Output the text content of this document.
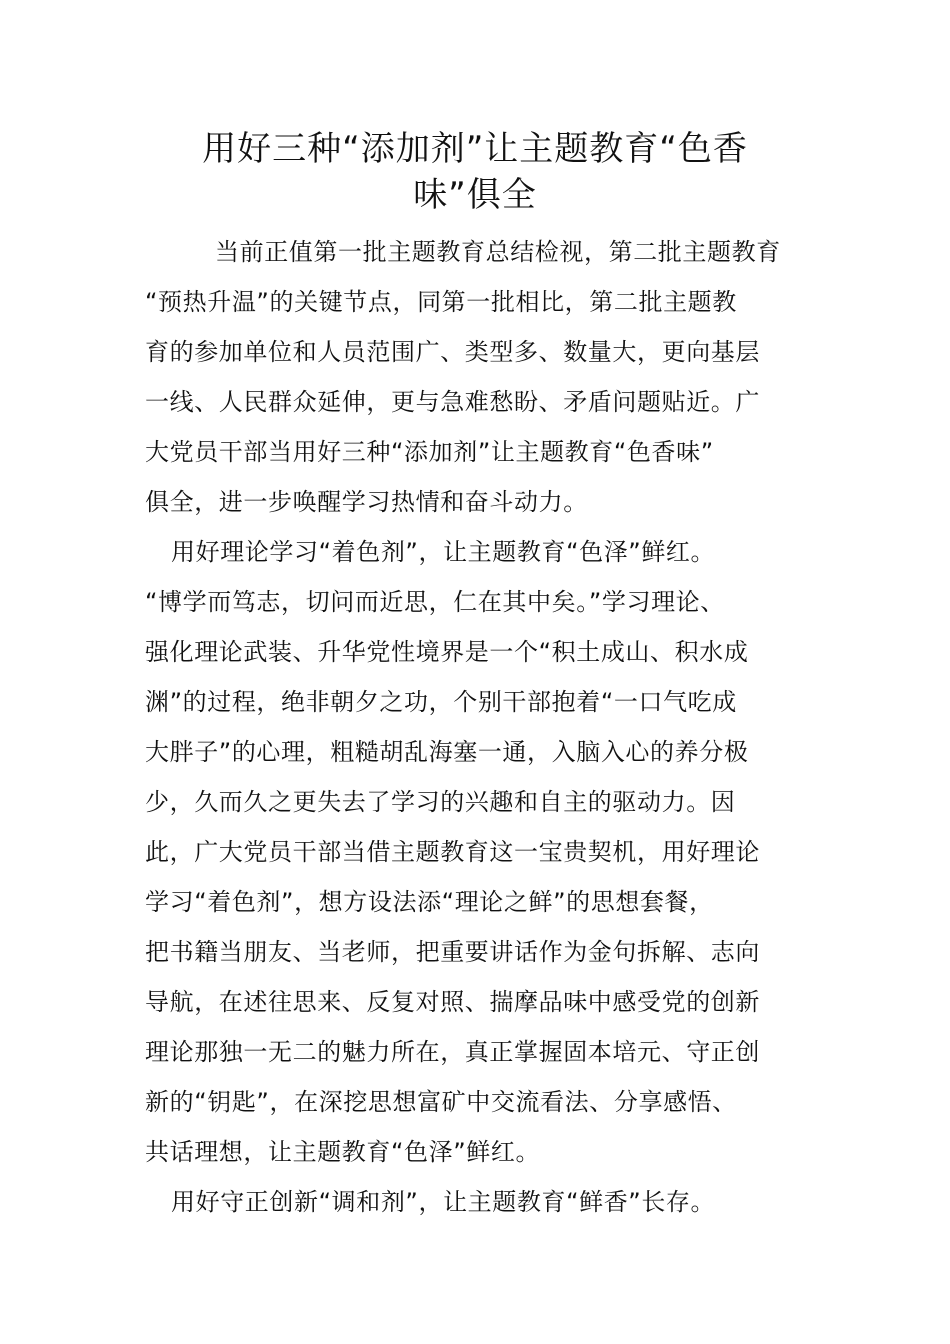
用好三种“添加剂”让主题教育“色香
味”俱全
当前正值第一批主题教育总结检视，第二批主题教育
“预热升温”的关键节点，同第一批相比，第二批主题教
育的参加单位和人员范围广、类型多、数量大，更向基层
一线、人民群众延伸，更与急难愁盼、矛盾问题贴近。广
大党员干部当用好三种“添加剂”让主题教育“色香味”
俱全，进一步唤醒学习热情和奋斗动力。
用好理论学习“着色剂”，让主题教育“色泽”鲜红。
“博学而笃志，切问而近思，仁在其中矣。”学习理论、
强化理论武装、升华党性境界是一个“积土成山、积水成
渊”的过程，绝非朝夕之功，个别干部抱着“一口气吃成
大胖子”的心理，粗糙胡乱海塞一通，入脑入心的养分极
少，久而久之更失去了学习的兴趣和自主的驱动力。因
此，广大党员干部当借主题教育这一宝贵契机，用好理论
学习“着色剂”，想方设法添“理论之鲜”的思想套餐，
把书籍当朋友、当老师，把重要讲话作为金句拆解、志向
导航，在述往思来、反复对照、揣摩品味中感受党的创新
理论那独一无二的魅力所在，真正掌握固本培元、守正创
新的“钥匙”，在深挖思想富矿中交流看法、分享感悟、
共话理想，让主题教育“色泽”鲜红。
用好守正创新“调和剂”，让主题教育“鲜香”长存。
